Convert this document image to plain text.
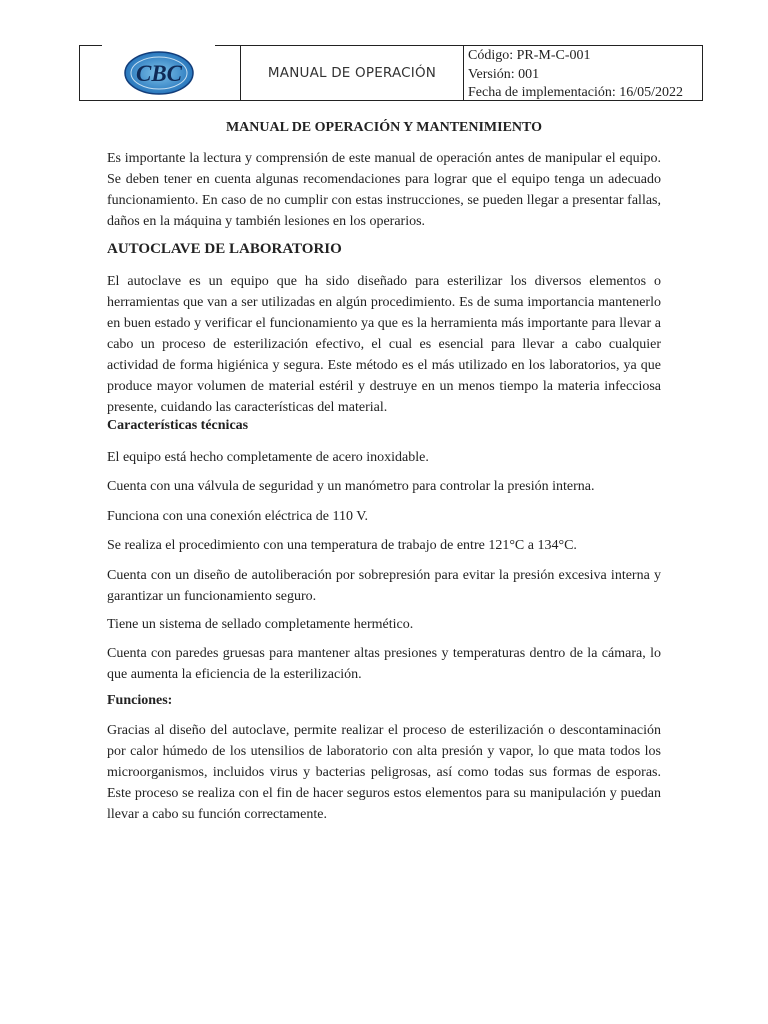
CBC	MANUAL DE OPERACIÓN
Código: PR-M-C-001
Versión: 001
Fecha de implementación: 16/05/2022
MANUAL DE OPERACIÓN Y MANTENIMIENTO

Es importante la lectura y comprensión de este manual de operación antes de manipular el equipo. Se deben tener en cuenta algunas recomendaciones para lograr que el equipo tenga un adecuado funcionamiento. En caso de no cumplir con estas instrucciones, se pueden llegar a presentar fallas, daños en la máquina y también lesiones en los operarios.

AUTOCLAVE DE LABORATORIO

El autoclave es un equipo que ha sido diseñado para esterilizar los diversos elementos o herramientas que van a ser utilizadas en algún procedimiento. Es de suma importancia mantenerlo en buen estado y verificar el funcionamiento ya que es la herramienta más importante para llevar a cabo un proceso de esterilización efectivo, el cual es esencial para llevar a cabo cualquier actividad de forma higiénica y segura. Este método es el más utilizado en los laboratorios, ya que produce mayor volumen de material estéril y destruye en un menos tiempo la materia infecciosa presente, cuidando las características del material.

Características técnicas

El equipo está hecho completamente de acero inoxidable.

Cuenta con una válvula de seguridad y un manómetro para controlar la presión interna.

Funciona con una conexión eléctrica de 110 V.

Se realiza el procedimiento con una temperatura de trabajo de entre 121°C a 134°C.

Cuenta con un diseño de autoliberación por sobrepresión para evitar la presión excesiva interna y garantizar un funcionamiento seguro.

Tiene un sistema de sellado completamente hermético.

Cuenta con paredes gruesas para mantener altas presiones y temperaturas dentro de la cámara, lo que aumenta la eficiencia de la esterilización.

Funciones:

Gracias al diseño del autoclave, permite realizar el proceso de esterilización o descontaminación por calor húmedo de los utensilios de laboratorio con alta presión y vapor, lo que mata todos los microorganismos, incluidos virus y bacterias peligrosas, así como todas sus formas de esporas. Este proceso se realiza con el fin de hacer seguros estos elementos para su manipulación y puedan llevar a cabo su función correctamente.
